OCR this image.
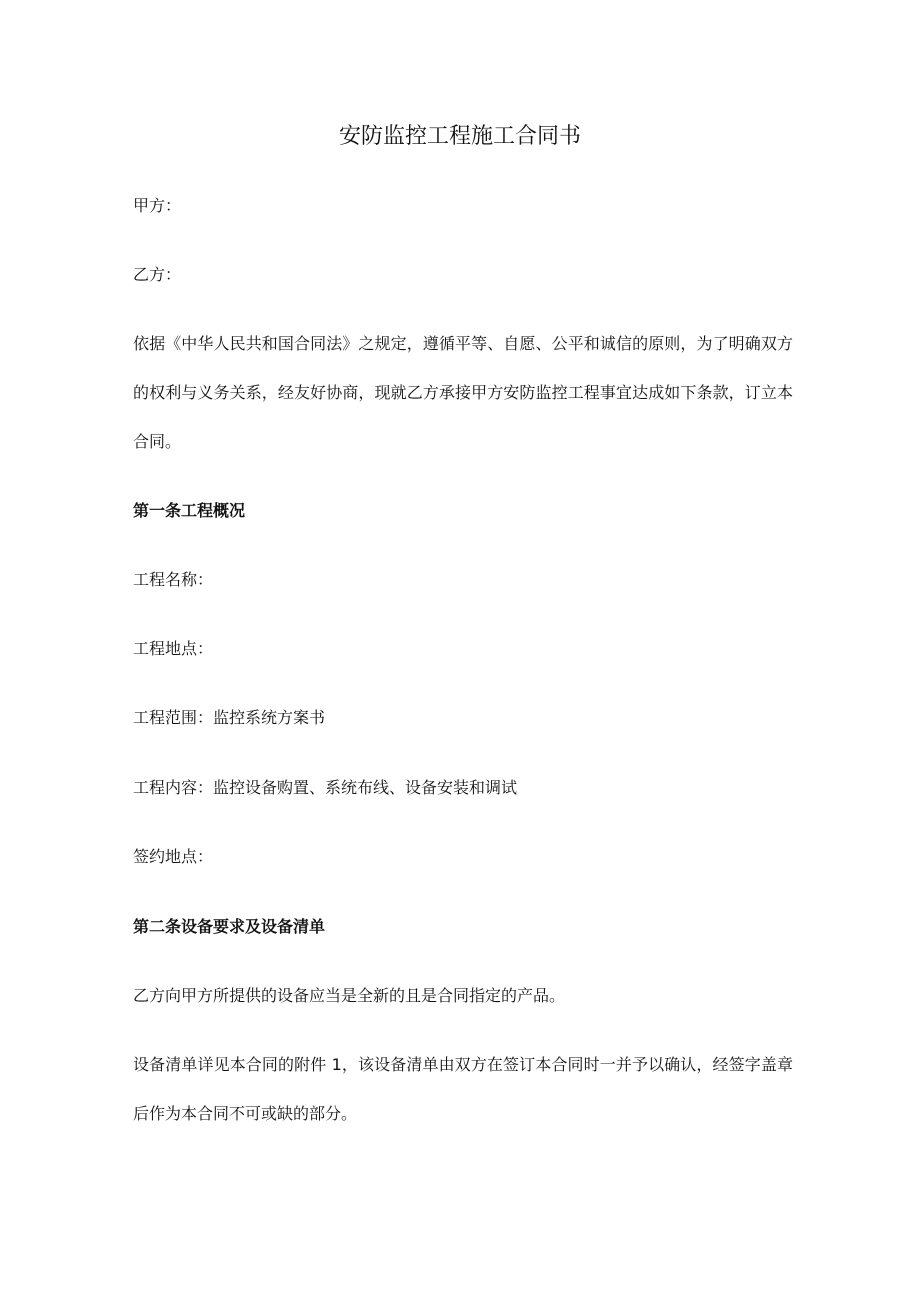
安防监控工程施工合同书

甲方：

乙方：

依据《中华人民共和国合同法》之规定，遵循平等、自愿、公平和诚信的原则，为了明确双方的权利与义务关系，经友好协商，现就乙方承接甲方安防监控工程事宜达成如下条款，订立本合同。

第一条工程概况

工程名称：

工程地点：

工程范围：监控系统方案书

工程内容：监控设备购置、系统布线、设备安装和调试

签约地点：

第二条设备要求及设备清单

乙方向甲方所提供的设备应当是全新的且是合同指定的产品。

设备清单详见本合同的附件 1，该设备清单由双方在签订本合同时一并予以确认，经签字盖章后作为本合同不可或缺的部分。
